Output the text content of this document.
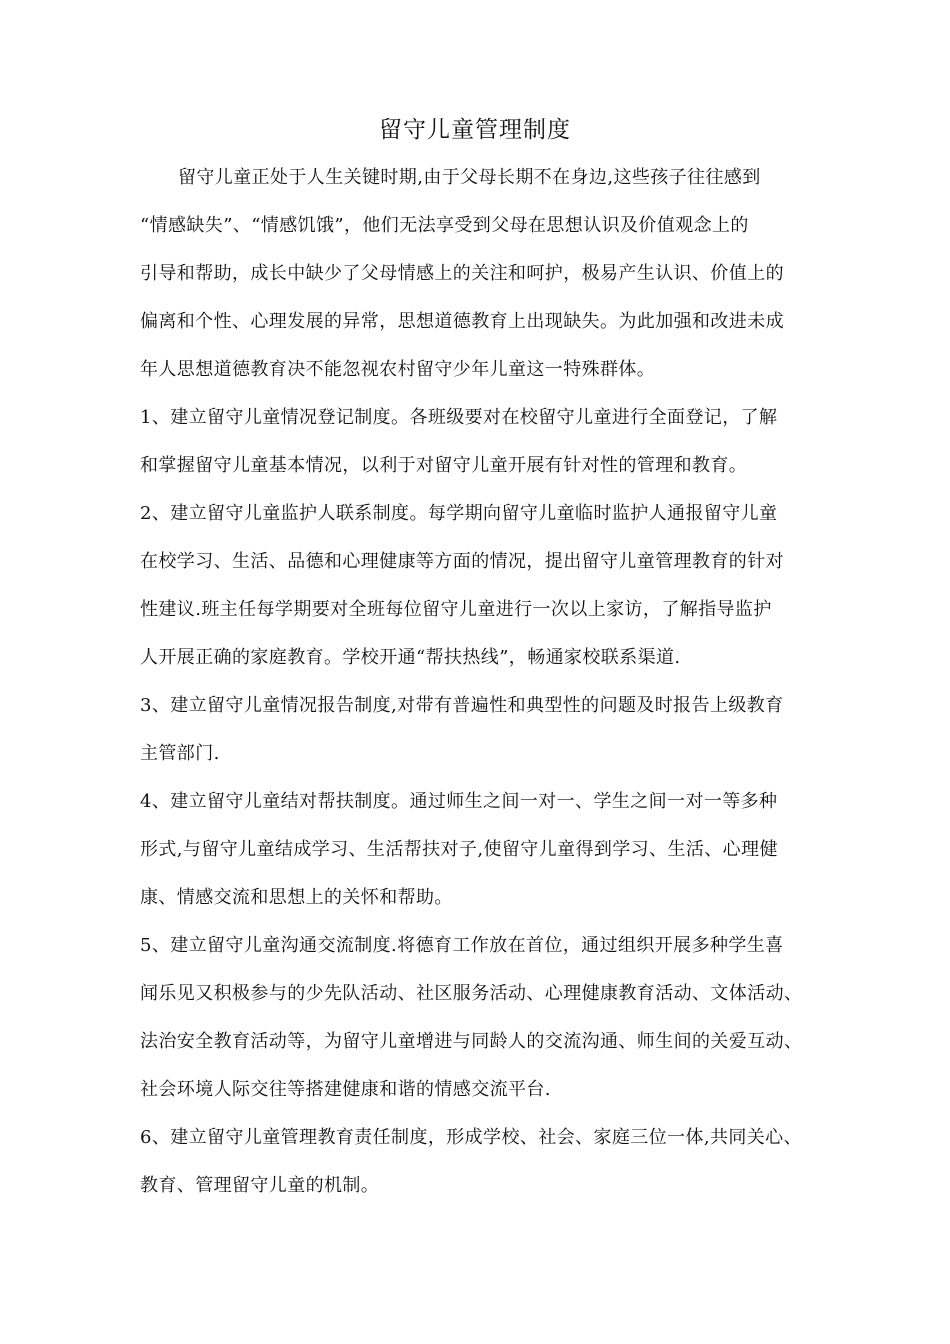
留守儿童管理制度
留守儿童正处于人生关键时期,由于父母长期不在身边,这些孩子往往感到
“情感缺失”、“情感饥饿”，他们无法享受到父母在思想认识及价值观念上的
引导和帮助，成长中缺少了父母情感上的关注和呵护，极易产生认识、价值上的
偏离和个性、心理发展的异常，思想道德教育上出现缺失。为此加强和改进未成
年人思想道德教育决不能忽视农村留守少年儿童这一特殊群体。
1、建立留守儿童情况登记制度。各班级要对在校留守儿童进行全面登记，了解
和掌握留守儿童基本情况，以利于对留守儿童开展有针对性的管理和教育。
2、建立留守儿童监护人联系制度。每学期向留守儿童临时监护人通报留守儿童
在校学习、生活、品德和心理健康等方面的情况，提出留守儿童管理教育的针对
性建议.班主任每学期要对全班每位留守儿童进行一次以上家访，了解指导监护
人开展正确的家庭教育。学校开通“帮扶热线”，畅通家校联系渠道.
3、建立留守儿童情况报告制度,对带有普遍性和典型性的问题及时报告上级教育
主管部门.
4、建立留守儿童结对帮扶制度。通过师生之间一对一、学生之间一对一等多种
形式,与留守儿童结成学习、生活帮扶对子,使留守儿童得到学习、生活、心理健
康、情感交流和思想上的关怀和帮助。
5、建立留守儿童沟通交流制度.将德育工作放在首位，通过组织开展多种学生喜
闻乐见又积极参与的少先队活动、社区服务活动、心理健康教育活动、文体活动、
法治安全教育活动等，为留守儿童增进与同龄人的交流沟通、师生间的关爱互动、
社会环境人际交往等搭建健康和谐的情感交流平台.
6、建立留守儿童管理教育责任制度，形成学校、社会、家庭三位一体,共同关心、
教育、管理留守儿童的机制。
